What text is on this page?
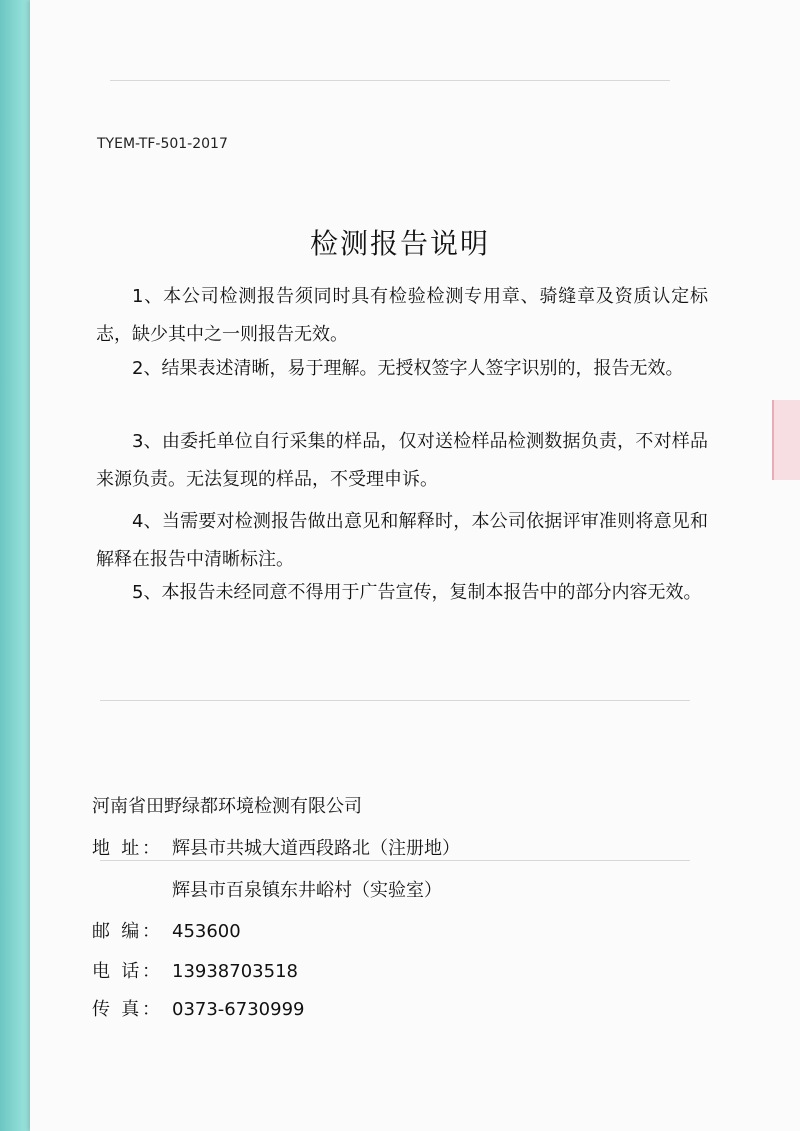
TYEM-TF-501-2017
检测报告说明

1、本公司检测报告须同时具有检验检测专用章、骑缝章及资质认定标志，缺少其中之一则报告无效。

2、结果表述清晰，易于理解。无授权签字人签字识别的，报告无效。

3、由委托单位自行采集的样品，仅对送检样品检测数据负责，不对样品来源负责。无法复现的样品，不受理申诉。

4、当需要对检测报告做出意见和解释时，本公司依据评审准则将意见和解释在报告中清晰标注。

5、本报告未经同意不得用于广告宣传，复制本报告中的部分内容无效。

河南省田野绿都环境检测有限公司
地 址： 辉县市共城大道西段路北（注册地）
辉县市百泉镇东井峪村（实验室）
邮 编： 453600
电 话： 13938703518
传 真： 0373-6730999
